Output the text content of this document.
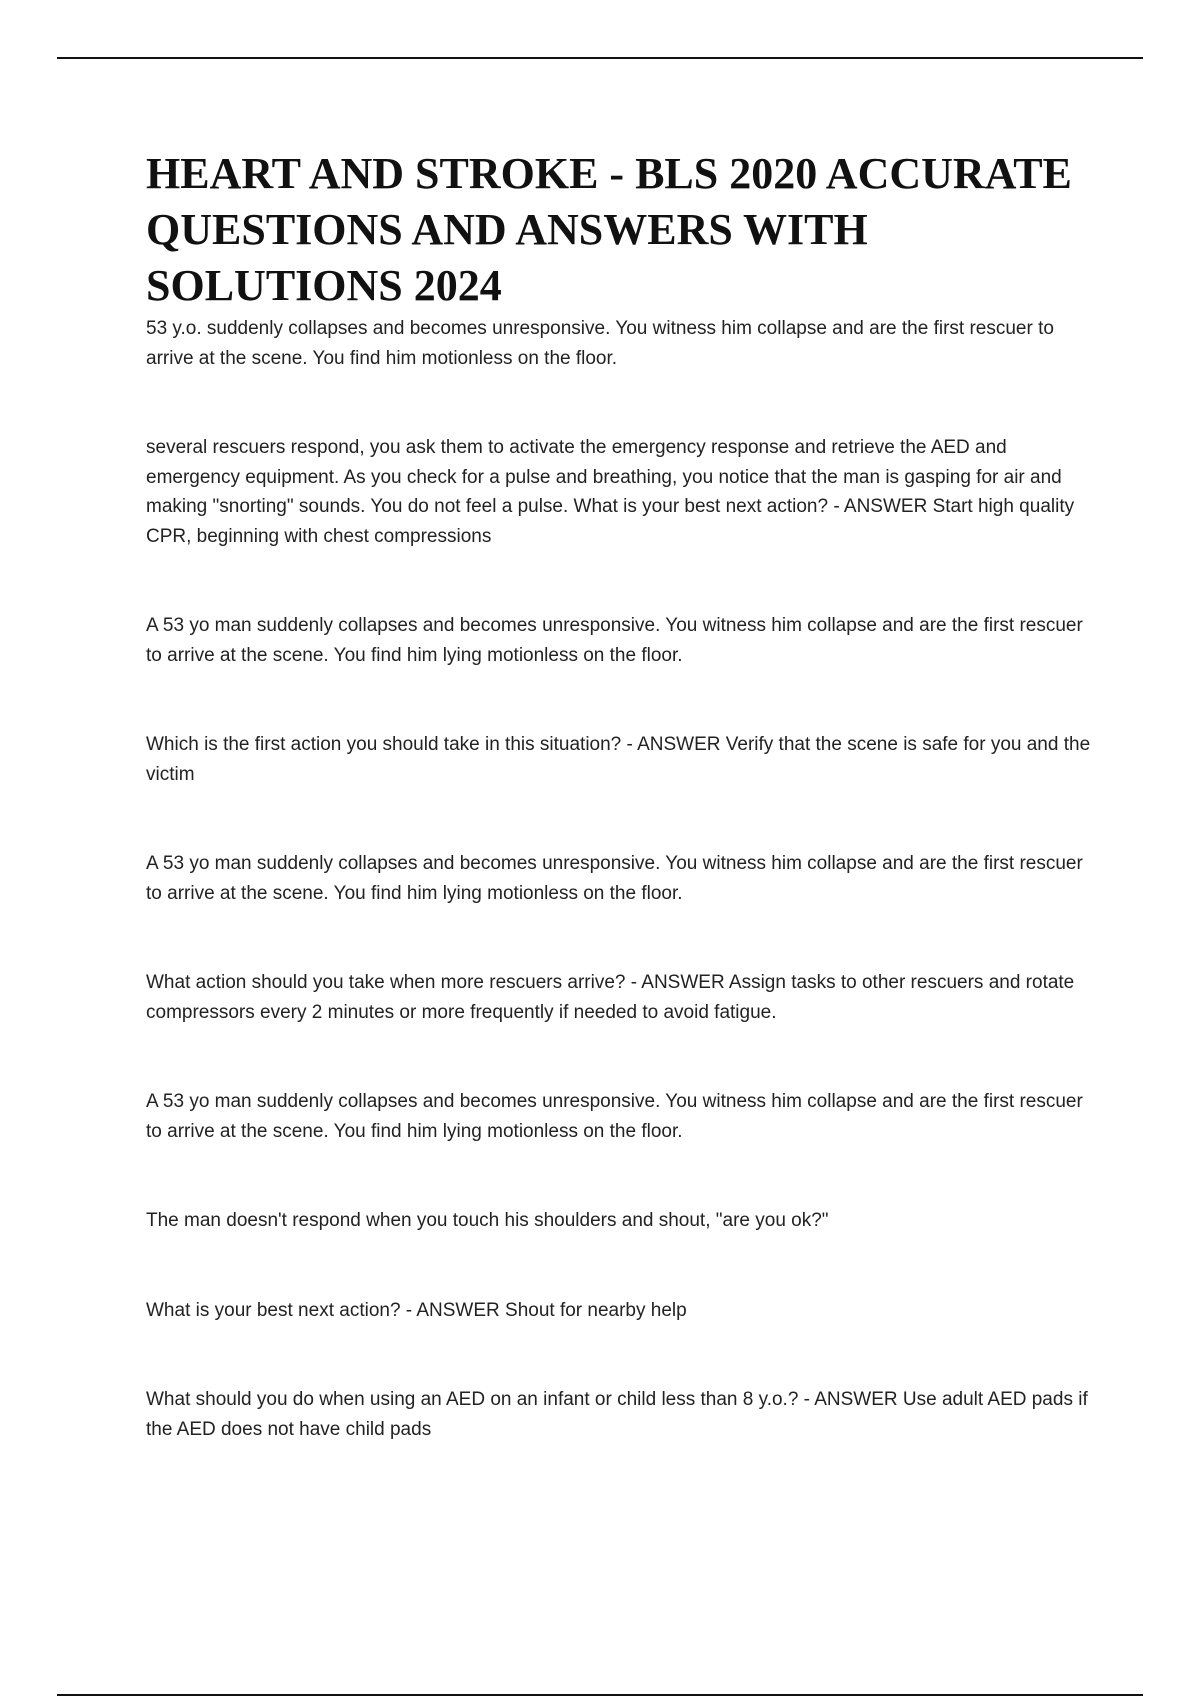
HEART AND STROKE - BLS 2020 ACCURATE QUESTIONS AND ANSWERS WITH SOLUTIONS 2024

53 y.o. suddenly collapses and becomes unresponsive. You witness him collapse and are the first rescuer to arrive at the scene. You find him motionless on the floor.

several rescuers respond, you ask them to activate the emergency response and retrieve the AED and emergency equipment. As you check for a pulse and breathing, you notice that the man is gasping for air and making "snorting" sounds. You do not feel a pulse. What is your best next action? - ANSWER Start high quality CPR, beginning with chest compressions

A 53 yo man suddenly collapses and becomes unresponsive. You witness him collapse and are the first rescuer to arrive at the scene. You find him lying motionless on the floor.

Which is the first action you should take in this situation? - ANSWER Verify that the scene is safe for you and the victim

A 53 yo man suddenly collapses and becomes unresponsive. You witness him collapse and are the first rescuer to arrive at the scene. You find him lying motionless on the floor.

What action should you take when more rescuers arrive? - ANSWER Assign tasks to other rescuers and rotate compressors every 2 minutes or more frequently if needed to avoid fatigue.

A 53 yo man suddenly collapses and becomes unresponsive. You witness him collapse and are the first rescuer to arrive at the scene. You find him lying motionless on the floor.

The man doesn't respond when you touch his shoulders and shout, "are you ok?"

What is your best next action? - ANSWER Shout for nearby help

What should you do when using an AED on an infant or child less than 8 y.o.? - ANSWER Use adult AED pads if the AED does not have child pads
